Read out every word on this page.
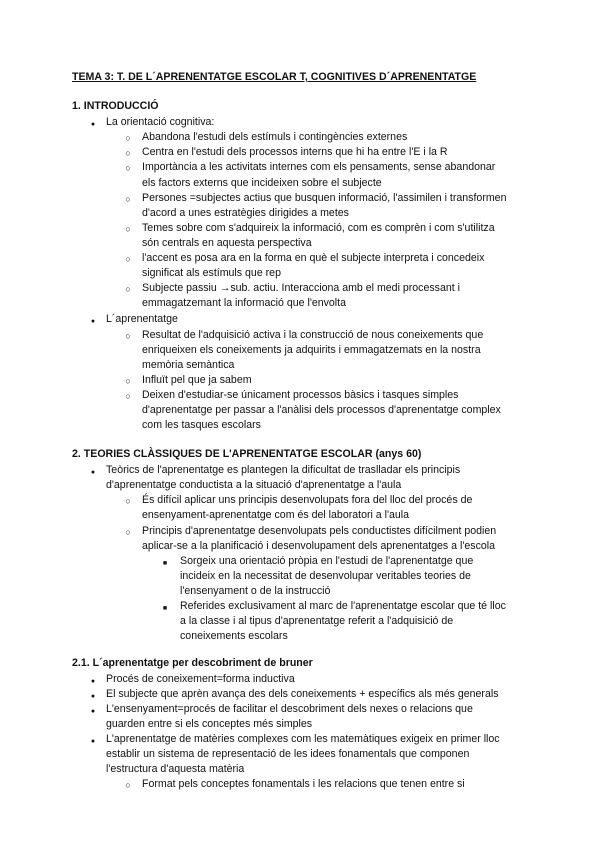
TEMA 3: T. DE L´APRENENTATGE ESCOLAR T, COGNITIVES D´APRENENTATGE
1. INTRODUCCIÓ
●
La orientació cognitiva:
○
Abandona l'estudi dels estímuls i contingències externes
○
Centra en l'estudi dels processos interns que hi ha entre l'E i la R
○
Importància a les activitats internes com els pensaments, sense abandonar
els factors externs que incideixen sobre el subjecte
○
Persones =subjectes actius que busquen informació, l'assimilen i transformen
d'acord a unes estratègies dirigides a metes
○
Temes sobre com s'adquireix la informació, com es comprèn i com s'utilitza
són centrals en aquesta perspectiva
○
l'accent es posa ara en la forma en què el subjecte interpreta i concedeix
significat als estímuls que rep
○
Subjecte passiu →sub. actiu. Interacciona amb el medi processant i
emmagatzemant la informació que l'envolta
●
L´aprenentatge
○
Resultat de l'adquisició activa i la construcció de nous coneixements que
enriqueixen els coneixements ja adquirits i emmagatzemats en la nostra
memòria semàntica
○
Influït pel que ja sabem
○
Deixen d'estudiar-se únicament processos bàsics i tasques simples
d'aprenentatge per passar a l'anàlisi dels processos d'aprenentatge complex
com les tasques escolars
2. TEORIES CLÀSSIQUES DE L'APRENENTATGE ESCOLAR (anys 60)
●
Teòrics de l'aprenentatge es plantegen la dificultat de traslladar els principis
d'aprenentatge conductista a la situació d'aprenentatge a l'aula
○
És difícil aplicar uns principis desenvolupats fora del lloc del procés de
ensenyament-aprenentatge com és del laboratori a l'aula
○
Principis d'aprenentatge desenvolupats pels conductistes difícilment podien
aplicar-se a la planificació i desenvolupament dels aprenentatges a l'escola
■
Sorgeix una orientació pròpia en l'estudi de l'aprenentatge que
incideix en la necessitat de desenvolupar veritables teories de
l'ensenyament o de la instrucció
■
Referides exclusivament al marc de l'aprenentatge escolar que té lloc
a la classe i al tipus d'aprenentatge referit a l'adquisició de
coneixements escolars
2.1. L´aprenentatge per descobriment de bruner
●
Procés de coneixement=forma inductiva
●
El subjecte que aprèn avança des dels coneixements + específics als més generals
●
L'ensenyament=procés de facilitar el descobriment dels nexes o relacions que
guarden entre si els conceptes més simples
●
L'aprenentatge de matèries complexes com les matemàtiques exigeix en primer lloc
establir un sistema de representació de les idees fonamentals que componen
l'estructura d'aquesta matèria
○
Format pels conceptes fonamentals i les relacions que tenen entre si
